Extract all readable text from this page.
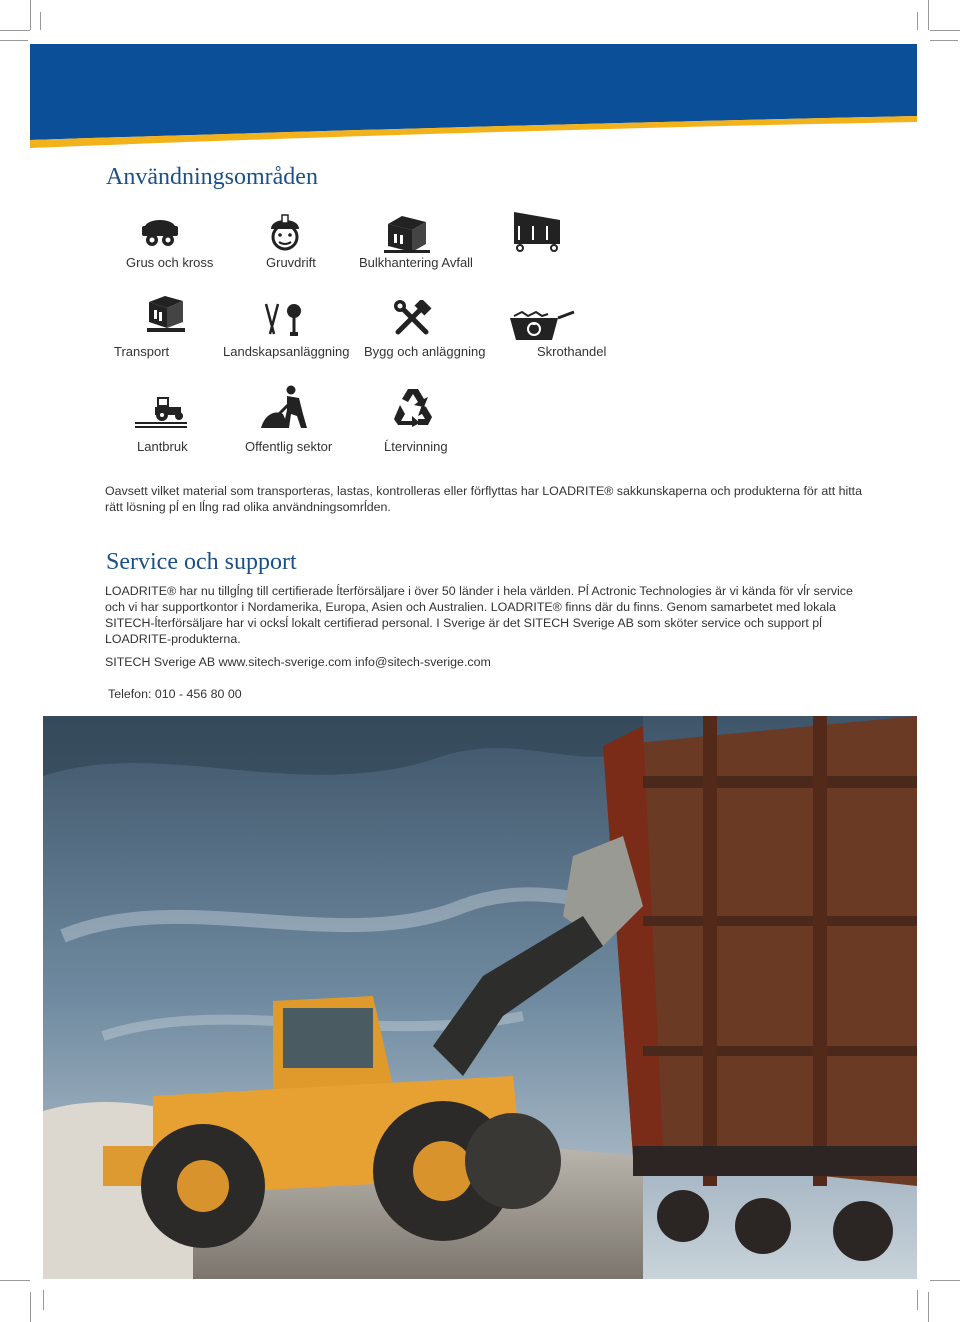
Användningsområden
Grus och kross	Gruvdrift	Bulkhantering Avfall
Transport	Landskapsanläggning Bygg och anläggning	Skrothandel
Lantbruk	Offentlig sektor	Ĺtervinning

Oavsett vilket material som transporteras, lastas, kontrolleras eller förflyttas har LOADRITE® sakkunskaperna och produkterna för att hitta rätt lösning pĺ en lĺng rad olika användningsomrĺden.

Service och support

LOADRITE® har nu tillgĺng till certifierade ĺterförsäljare i över 50 länder i hela världen. Pĺ Actronic Technologies är vi kända för vĺr service och vi har supportkontor i Nordamerika, Europa, Asien och Australien. LOADRITE® finns där du finns. Genom samarbetet med lokala SITECH-ĺterförsäljare har vi ocksĺ lokalt certifierad personal. I Sverige är det SITECH Sverige AB som sköter service och support pĺ LOADRITE-produkterna.

SITECH Sverige AB www.sitech-sverige.com info@sitech-sverige.com
Telefon: 010 - 456 80 00
